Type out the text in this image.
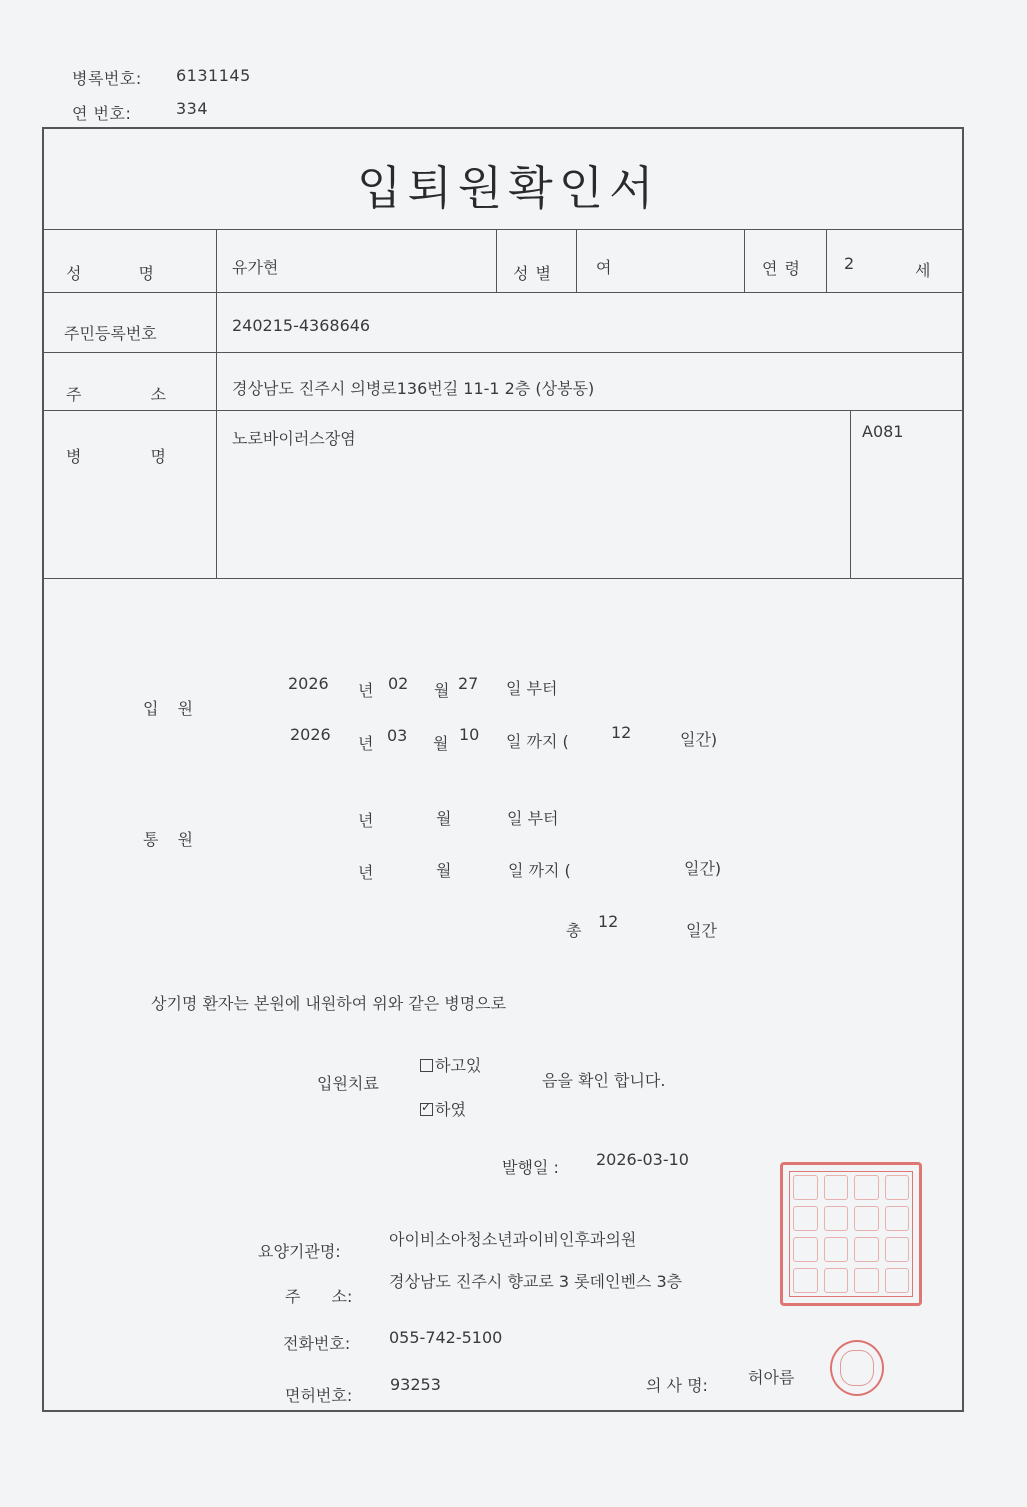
병록번호: 6131145
연 번호:	334
입퇴원확인서
성 명	유가현	성 별	여	연 령	2	세
주민등록번호	240215-4368646
주 소	경상남도 진주시 의병로136번길 11-1 2층 (상봉동)
병 명
노로바이러스장염	A081
입 원
2026 년 02 월 27 일 부터
2026 년 03 월 10 일 까지 (	12	일간)
통 원
년	월	일 부터
년	월	일 까지 (	일간)
총 12	일간
상기명 환자는 본원에 내원하여 위와 같은 병명으로
입원치료
하고있
✓하였
음을 확인 합니다.
발행일 : 2026-03-10
요양기관명:
아이비소아청소년과이비인후과의원
주 소:
경상남도 진주시 향교로 3 롯데인벤스 3층
전화번호: 055-742-5100
면허번호:
93253	의 사 명:	허아름
